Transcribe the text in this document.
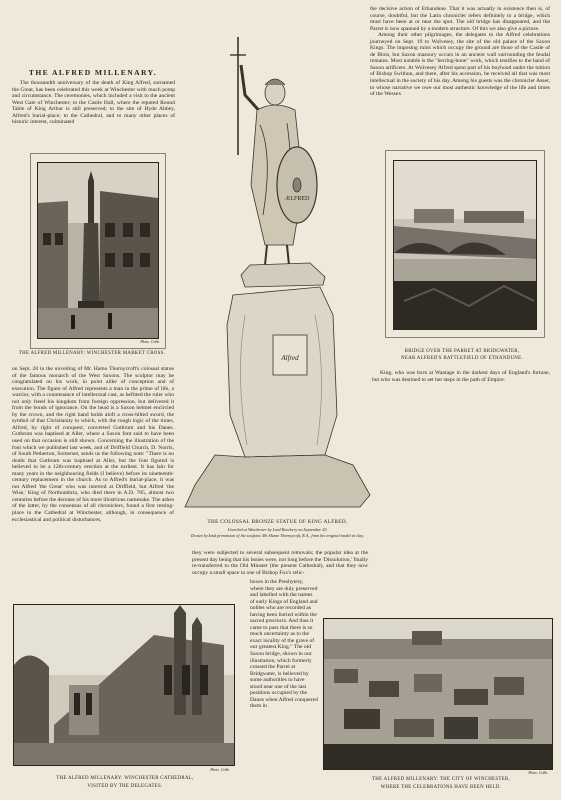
THE ALFRED MILLENARY.

The thousandth anniversary of the death of King Alfred, surnamed the Great, has been celebrated this week at Winchester with much pomp and circumstance. The ceremonies, which included a visit to the ancient West Gate of Winchester; to the Castle Hall, where the reputed Round Table of King Arthur is still preserved; to the site of Hyde Abbey, Alfred's burial-place; to the Cathedral, and to many other places of historic interest, culminated

the decisive action of Ethandune. That it was actually in existence then is, of course, doubtful, but the Latin chronicler refers definitely to a bridge, which must have been at or near the spot. The old bridge has disappeared, and the Parret is now spanned by a modern structure. Of this we also give a picture.

Among their other pilgrimages, the delegates to the Alfred celebrations journeyed on Sept. 19 to Wolvesey, the site of the old palace of the Saxon Kings. The imposing ruins which occupy the ground are those of the Castle of de Blois, but Saxon masonry occurs in an ancient wall surrounding the feudal remains. Most notable is the "herring-bone" work, which testifies to the hand of Saxon artificers. At Wolvesey Alfred spent part of his boyhood under the tuition of Bishop Swithun, and there, after his accession, he received all that was most intellectual in the society of his day. Among his guests was the chronicler Asser, to whose narrative we owe our most authentic knowledge of the life and times of the Wessex

Photo. Cribb.
THE ALFRED MILLENARY: WINCHESTER MARKET CROSS.

on Sept. 20 in the unveiling of Mr. Hamo Thornycroft's colossal statue of the famous monarch of the West Saxons. The sculptor may be congratulated on his work, in point alike of conception and of execution. The figure of Alfred represents a man in the prime of life, a warrior, with a countenance of intellectual cast, as befitted the ruler who not only freed his kingdom from foreign oppression, but delivered it from the bonds of ignorance. On the head is a Saxon helmet encircled by the crown, and the right hand holds aloft a cross-hilted sword, the symbol of that Christianity to which, with the rough logic of the times, Alfred, by right of conquest, converted Guthrum and his Danes. Guthrum was baptised at Aller, where a Saxon font said to have been used on that occasion is still shown. Concerning the illustration of the font which we published last week, and of Driffield Church, D. Norris, of South Petherton, Somerset, sends us the following note: "There is no doubt that Guthrum was baptised at Aller, but the font figured is believed to be a 12th-century erection at the earliest. It has lain for many years in the neighbouring fields (I believe) before its nineteenth-century replacement in the church. As to Alfred's burial-place, it was not Alfred 'the Great' who was interred at Driffield, but Alfred 'the Wise,' King of Northumbria, who died there in A.D. 705, almost two centuries before the decease of his more illustrious namesake. The ashes of the latter, by the consensus of all chroniclers, found a first resting-place in the Cathedral at Winchester, although, in consequence of ecclesiastical and political disturbances,

ÆLFRED
Alfred
THE COLOSSAL BRONZE STATUE OF KING ALFRED,
Unveiled at Winchester by Lord Rosebery on September 20.
Drawn by kind permission of the sculptor, Mr. Hamo Thornycroft, R.A., from his original model in clay.
BRIDGE OVER THE PARRET AT BRIDGWATER,
NEAR ALFRED'S BATTLEFIELD OF ETHANDUNE.

King, who was born at Wantage in the darkest days of England's fortune, but who was destined to set her steps in the path of Empire.

they were subjected to several subsequent removals; the popular idea at the present day being that his bones were, not long before the 'Dissolution,' finally re-transferred to the Old Minster (the present Cathedral), and that they now occupy a small space in one of Bishop Fox's relic-

boxes in the Presbytery, where they are duly preserved and labelled with the names of early Kings of England and nobles who are recorded as having been buried within the sacred precincts. And thus it came to pass that there is so much uncertainty as to the exact locality of the grave of our greatest King." The old Saxon bridge, shown in our illustration, which formerly crossed the Parret at Bridgwater, is believed by some authorities to have stood near one of the last positions occupied by the Danes when Alfred conquered them in

Photo. Cribb.
THE ALFRED MILLENARY: WINCHESTER CATHEDRAL,
VISITED BY THE DELEGATES.
Photo. Cribb.
THE ALFRED MILLENARY: THE CITY OF WINCHESTER,
WHERE THE CELEBRATIONS HAVE BEEN HELD.
